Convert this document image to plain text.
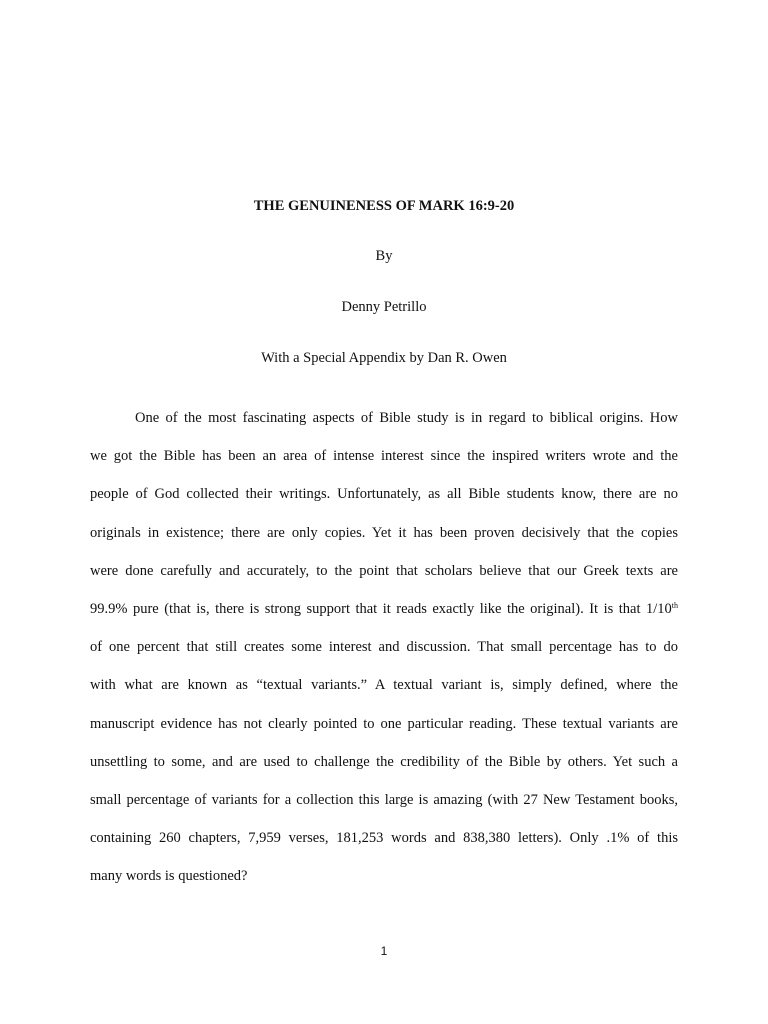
THE GENUINENESS OF MARK 16:9-20
By
Denny Petrillo
With a Special Appendix by Dan R. Owen
One of the most fascinating aspects of Bible study is in regard to biblical origins. How
we got the Bible has been an area of intense interest since the inspired writers wrote and the
people of God collected their writings. Unfortunately, as all Bible students know, there are no
originals in existence; there are only copies. Yet it has been proven decisively that the copies
were done carefully and accurately, to the point that scholars believe that our Greek texts are
99.9% pure (that is, there is strong support that it reads exactly like the original). It is that 1/10th
of one percent that still creates some interest and discussion. That small percentage has to do
with what are known as “textual variants.” A textual variant is, simply defined, where the
manuscript evidence has not clearly pointed to one particular reading. These textual variants are
unsettling to some, and are used to challenge the credibility of the Bible by others. Yet such a
small percentage of variants for a collection this large is amazing (with 27 New Testament books,
containing 260 chapters, 7,959 verses, 181,253 words and 838,380 letters). Only .1% of this
many words is questioned?
1
